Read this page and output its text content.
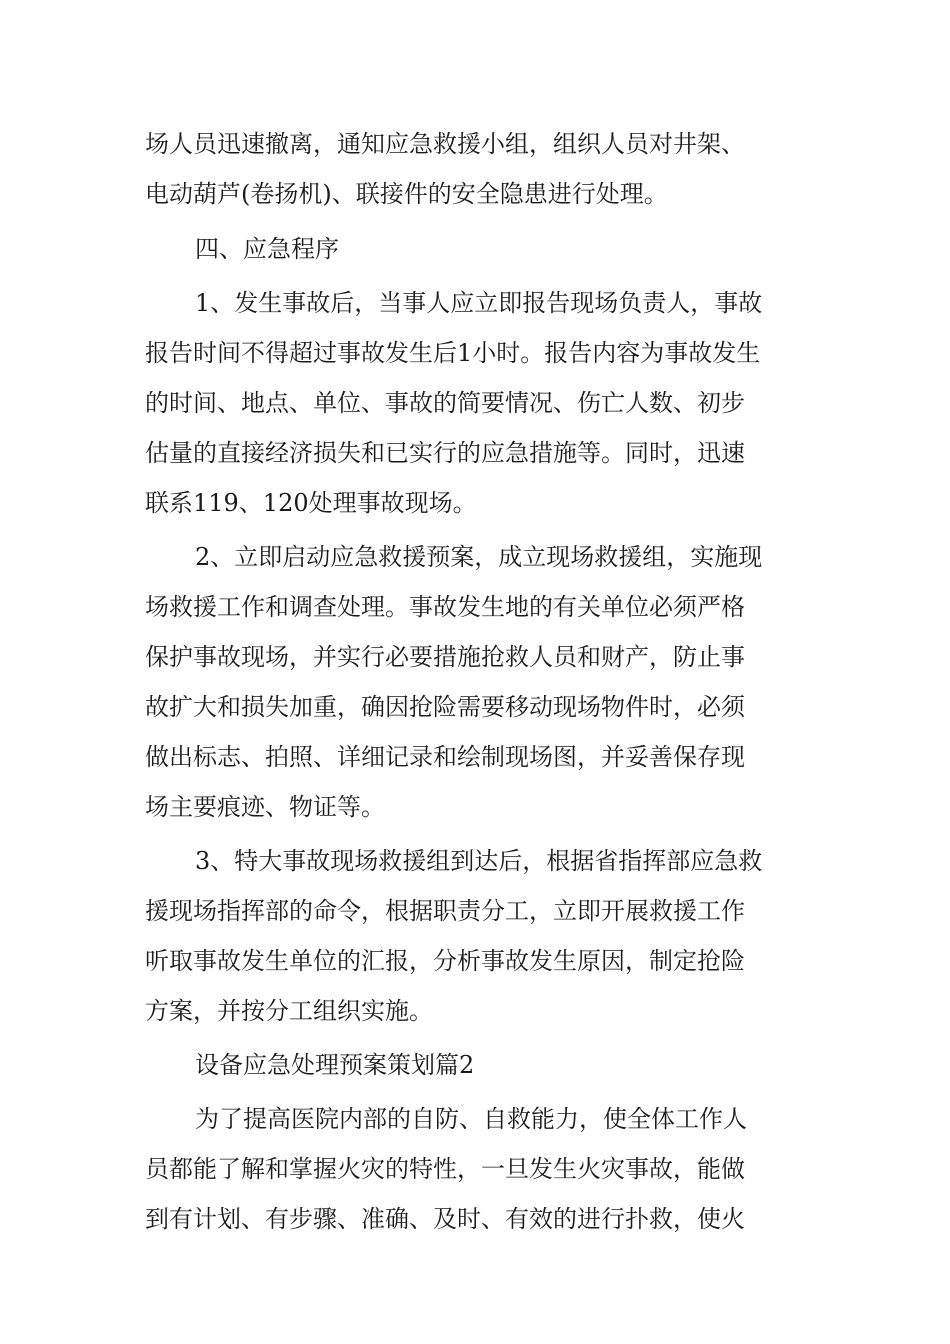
场人员迅速撤离，通知应急救援小组，组织人员对井架、
电动葫芦(卷扬机)、联接件的安全隐患进行处理。
四、应急程序
1、发生事故后，当事人应立即报告现场负责人，事故
报告时间不得超过事故发生后1小时。报告内容为事故发生
的时间、地点、单位、事故的简要情况、伤亡人数、初步
估量的直接经济损失和已实行的应急措施等。同时，迅速
联系119、120处理事故现场。
2、立即启动应急救援预案，成立现场救援组，实施现
场救援工作和调查处理。事故发生地的有关单位必须严格
保护事故现场，并实行必要措施抢救人员和财产，防止事
故扩大和损失加重，确因抢险需要移动现场物件时，必须
做出标志、拍照、详细记录和绘制现场图，并妥善保存现
场主要痕迹、物证等。
3、特大事故现场救援组到达后，根据省指挥部应急救
援现场指挥部的命令，根据职责分工，立即开展救援工作
听取事故发生单位的汇报，分析事故发生原因，制定抢险
方案，并按分工组织实施。
设备应急处理预案策划篇2
为了提高医院内部的自防、自救能力，使全体工作人
员都能了解和掌握火灾的特性，一旦发生火灾事故，能做
到有计划、有步骤、准确、及时、有效的进行扑救，使火
